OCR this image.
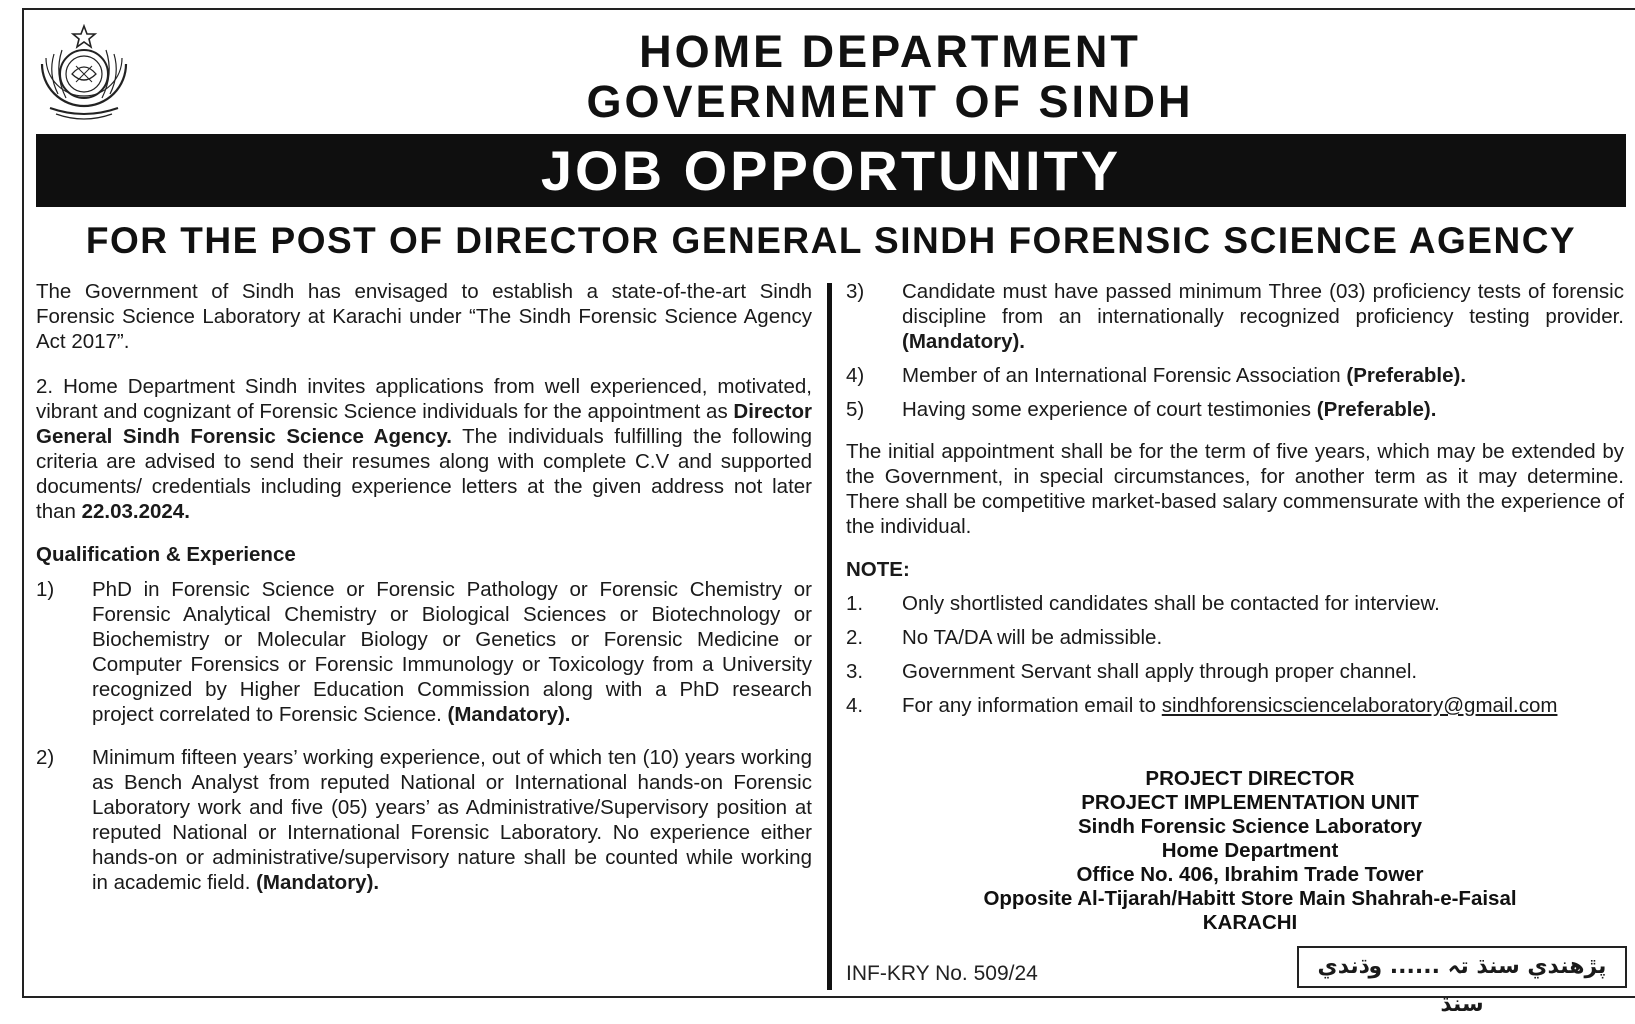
HOME DEPARTMENT
GOVERNMENT OF SINDH
JOB OPPORTUNITY
FOR THE POST OF DIRECTOR GENERAL SINDH FORENSIC SCIENCE AGENCY

The Government of Sindh has envisaged to establish a state-of-the-art Sindh Forensic Science Laboratory at Karachi under “The Sindh Forensic Science Agency Act 2017”.

2. Home Department Sindh invites applications from well experienced, motivated, vibrant and cognizant of Forensic Science individuals for the appointment as Director General Sindh Forensic Science Agency. The individuals fulfilling the following criteria are advised to send their resumes along with complete C.V and supported documents/ credentials including experience letters at the given address not later than 22.03.2024.

Qualification & Experience

1) PhD in Forensic Science or Forensic Pathology or Forensic Chemistry or Forensic Analytical Chemistry or Biological Sciences or Biotechnology or Biochemistry or Molecular Biology or Genetics or Forensic Medicine or Computer Forensics or Forensic Immunology or Toxicology from a University recognized by Higher Education Commission along with a PhD research project correlated to Forensic Science. (Mandatory).

2) Minimum fifteen years’ working experience, out of which ten (10) years working as Bench Analyst from reputed National or International hands-on Forensic Laboratory work and five (05) years’ as Administrative/Supervisory position at reputed National or International Forensic Laboratory. No experience either hands-on or administrative/supervisory nature shall be counted while working in academic field. (Mandatory).

3) Candidate must have passed minimum Three (03) proficiency tests of forensic discipline from an internationally recognized proficiency testing provider. (Mandatory).

4) Member of an International Forensic Association (Preferable).

5) Having some experience of court testimonies (Preferable).

The initial appointment shall be for the term of five years, which may be extended by the Government, in special circumstances, for another term as it may determine. There shall be competitive market-based salary commensurate with the experience of the individual.

NOTE:

1. Only shortlisted candidates shall be contacted for interview.

2. No TA/DA will be admissible.

3. Government Servant shall apply through proper channel.

4. For any information email to sindhforensicsciencelaboratory@gmail.com

PROJECT DIRECTOR
PROJECT IMPLEMENTATION UNIT
Sindh Forensic Science Laboratory
Home Department
Office No. 406, Ibrahim Trade Tower
Opposite Al-Tijarah/Habitt Store Main Shahrah-e-Faisal
KARACHI
INF-KRY No. 509/24	پڙهندي سنڌ تہ ...... وڌندي سنڌ
